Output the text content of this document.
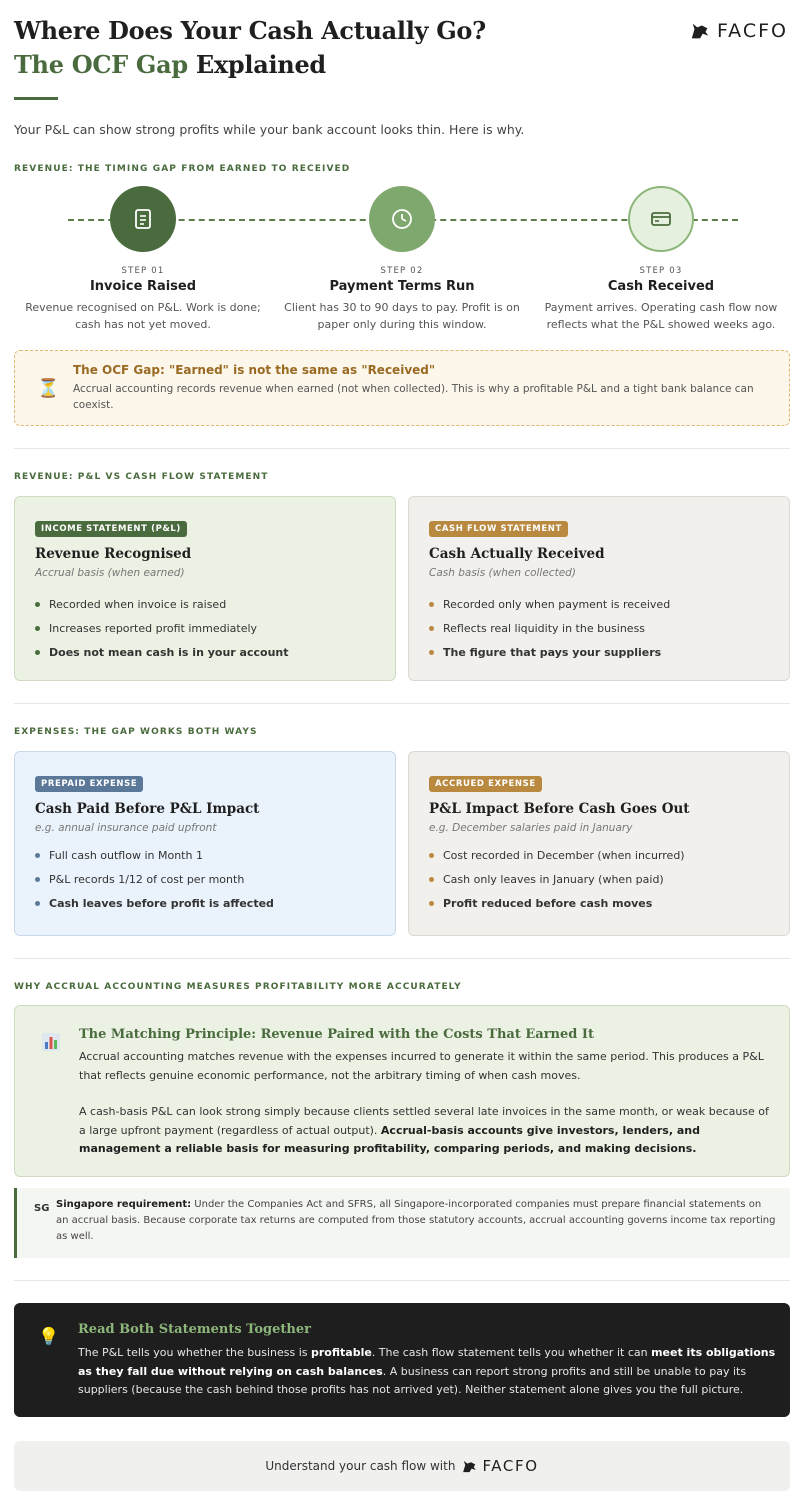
Where Does Your Cash Actually Go?
The OCF Gap Explained
FACFO
Your P&L can show strong profits while your bank account looks thin. Here is why.
REVENUE: THE TIMING GAP FROM EARNED TO RECEIVED
STEP 01
Invoice Raised
Revenue recognised on P&L. Work is done; cash has not yet moved.
STEP 02
Payment Terms Run
Client has 30 to 90 days to pay. Profit is on paper only during this window.
STEP 03
Cash Received
Payment arrives. Operating cash flow now reflects what the P&L showed weeks ago.
⏳
The OCF Gap: "Earned" is not the same as "Received"
Accrual accounting records revenue when earned (not when collected). This is why a profitable P&L and a tight bank balance can coexist.
REVENUE: P&L VS CASH FLOW STATEMENT
INCOME STATEMENT (P&L)
Revenue Recognised
Accrual basis (when earned)
Recorded when invoice is raised
Increases reported profit immediately
Does not mean cash is in your account
CASH FLOW STATEMENT
Cash Actually Received
Cash basis (when collected)
Recorded only when payment is received
Reflects real liquidity in the business
The figure that pays your suppliers
EXPENSES: THE GAP WORKS BOTH WAYS
PREPAID EXPENSE
Cash Paid Before P&L Impact
e.g. annual insurance paid upfront
Full cash outflow in Month 1
P&L records 1/12 of cost per month
Cash leaves before profit is affected
ACCRUED EXPENSE
P&L Impact Before Cash Goes Out
e.g. December salaries paid in January
Cost recorded in December (when incurred)
Cash only leaves in January (when paid)
Profit reduced before cash moves
WHY ACCRUAL ACCOUNTING MEASURES PROFITABILITY MORE ACCURATELY
The Matching Principle: Revenue Paired with the Costs That Earned It
Accrual accounting matches revenue with the expenses incurred to generate it within the same period. This produces a P&L that reflects genuine economic performance, not the arbitrary timing of when cash moves.
A cash-basis P&L can look strong simply because clients settled several late invoices in the same month, or weak because of a large upfront payment (regardless of actual output). Accrual-basis accounts give investors, lenders, and management a reliable basis for measuring profitability, comparing periods, and making decisions.
SG Singapore requirement: Under the Companies Act and SFRS, all Singapore-incorporated companies must prepare financial statements on an accrual basis. Because corporate tax returns are computed from those statutory accounts, accrual accounting governs income tax reporting as well.
💡 Read Both Statements Together
The P&L tells you whether the business is profitable. The cash flow statement tells you whether it can meet its obligations as they fall due without relying on cash balances. A business can report strong profits and still be unable to pay its suppliers (because the cash behind those profits has not arrived yet). Neither statement alone gives you the full picture.
Understand your cash flow with FACFO
